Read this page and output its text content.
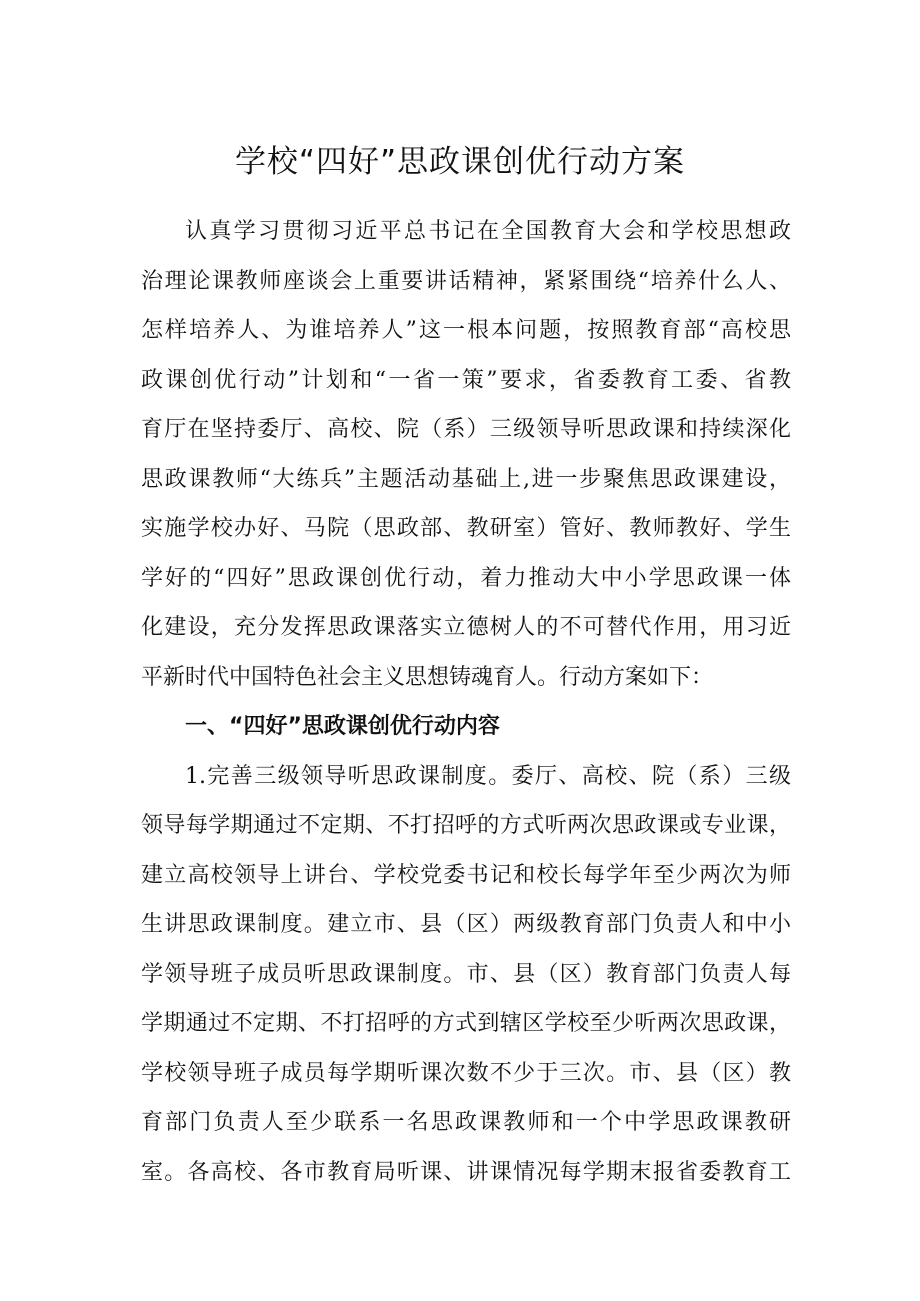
学校“四好”思政课创优行动方案
认真学习贯彻习近平总书记在全国教育大会和学校思想政
治理论课教师座谈会上重要讲话精神，紧紧围绕“培养什么人、
怎样培养人、为谁培养人”这一根本问题，按照教育部“高校思
政课创优行动”计划和“一省一策”要求，省委教育工委、省教
育厅在坚持委厅、高校、院（系）三级领导听思政课和持续深化
思政课教师“大练兵”主题活动基础上,进一步聚焦思政课建设，
实施学校办好、马院（思政部、教研室）管好、教师教好、学生
学好的“四好”思政课创优行动，着力推动大中小学思政课一体
化建设，充分发挥思政课落实立德树人的不可替代作用，用习近
平新时代中国特色社会主义思想铸魂育人。行动方案如下：
一、“四好”思政课创优行动内容
1.完善三级领导听思政课制度。委厅、高校、院（系）三级
领导每学期通过不定期、不打招呼的方式听两次思政课或专业课，
建立高校领导上讲台、学校党委书记和校长每学年至少两次为师
生讲思政课制度。建立市、县（区）两级教育部门负责人和中小
学领导班子成员听思政课制度。市、县（区）教育部门负责人每
学期通过不定期、不打招呼的方式到辖区学校至少听两次思政课，
学校领导班子成员每学期听课次数不少于三次。市、县（区）教
育部门负责人至少联系一名思政课教师和一个中学思政课教研
室。各高校、各市教育局听课、讲课情况每学期末报省委教育工
